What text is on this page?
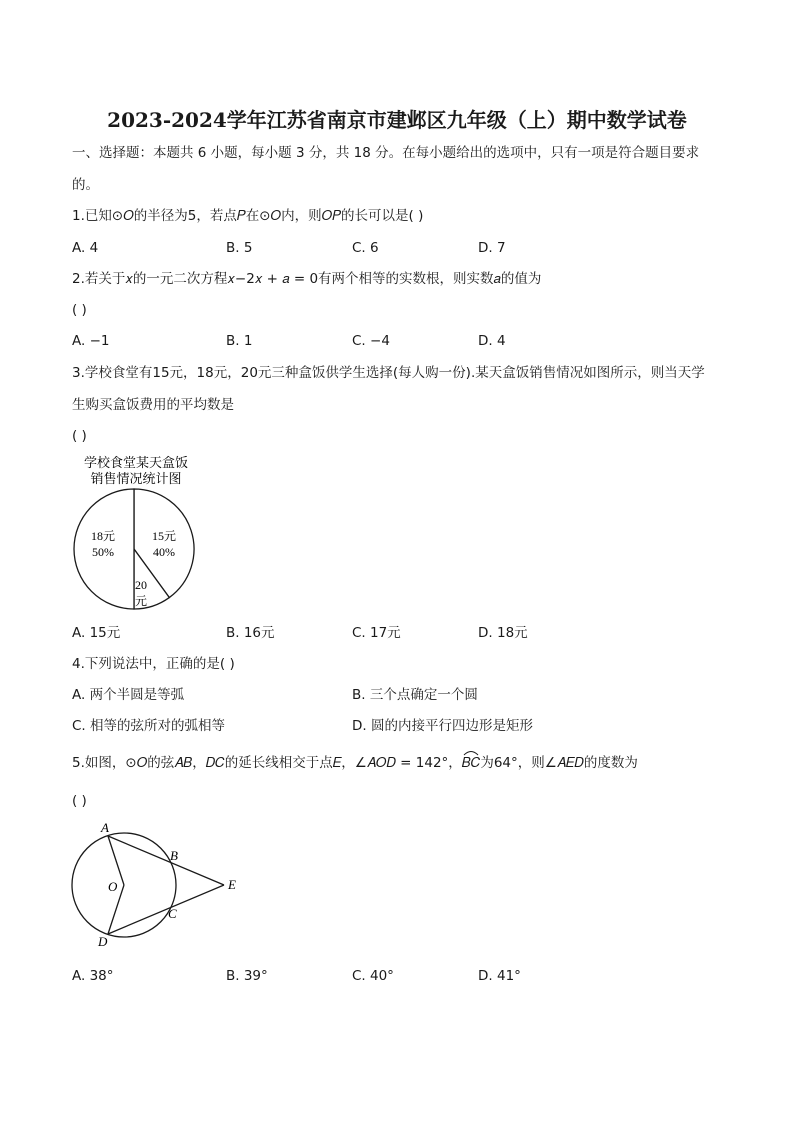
2023-2024学年江苏省南京市建邺区九年级（上）期中数学试卷
一、选择题：本题共 6 小题，每小题 3 分，共 18 分。在每小题给出的选项中，只有一项是符合题目要求
的。
1.已知⊙𝑂的半径为5，若点𝑃在⊙𝑂内，则𝑂𝑃的长可以是( )
A. 4	B. 5	C. 6	D. 7
2.若关于𝑥的一元二次方程𝑥−2𝑥 + 𝑎 = 0有两个相等的实数根，则实数𝑎的值为
( )
A. −1	B. 1	C. −4	D. 4
3.学校食堂有15元，18元，20元三种盒饭供学生选择(每人购一份).某天盒饭销售情况如图所示，则当天学
生购买盒饭费用的平均数是
( )
学校食堂某天盒饭
销售情况统计图
18元
50%
15元
40%
20
元
A. 15元	B. 16元	C. 17元	D. 18元
4.下列说法中，正确的是( )
A. 两个半圆是等弧	B. 三个点确定一个圆
C. 相等的弦所对的弧相等	D. 圆的内接平行四边形是矩形
5.如图，⊙𝑂的弦𝐴𝐵，𝐷𝐶的延长线相交于点𝐸，∠𝐴𝑂𝐷 = 142°，
𝐵𝐶为64°，则∠𝐴𝐸𝐷的度数为
( )
A
B
C
D
E
O
A. 38°	B. 39°	C. 40°	D. 41°
